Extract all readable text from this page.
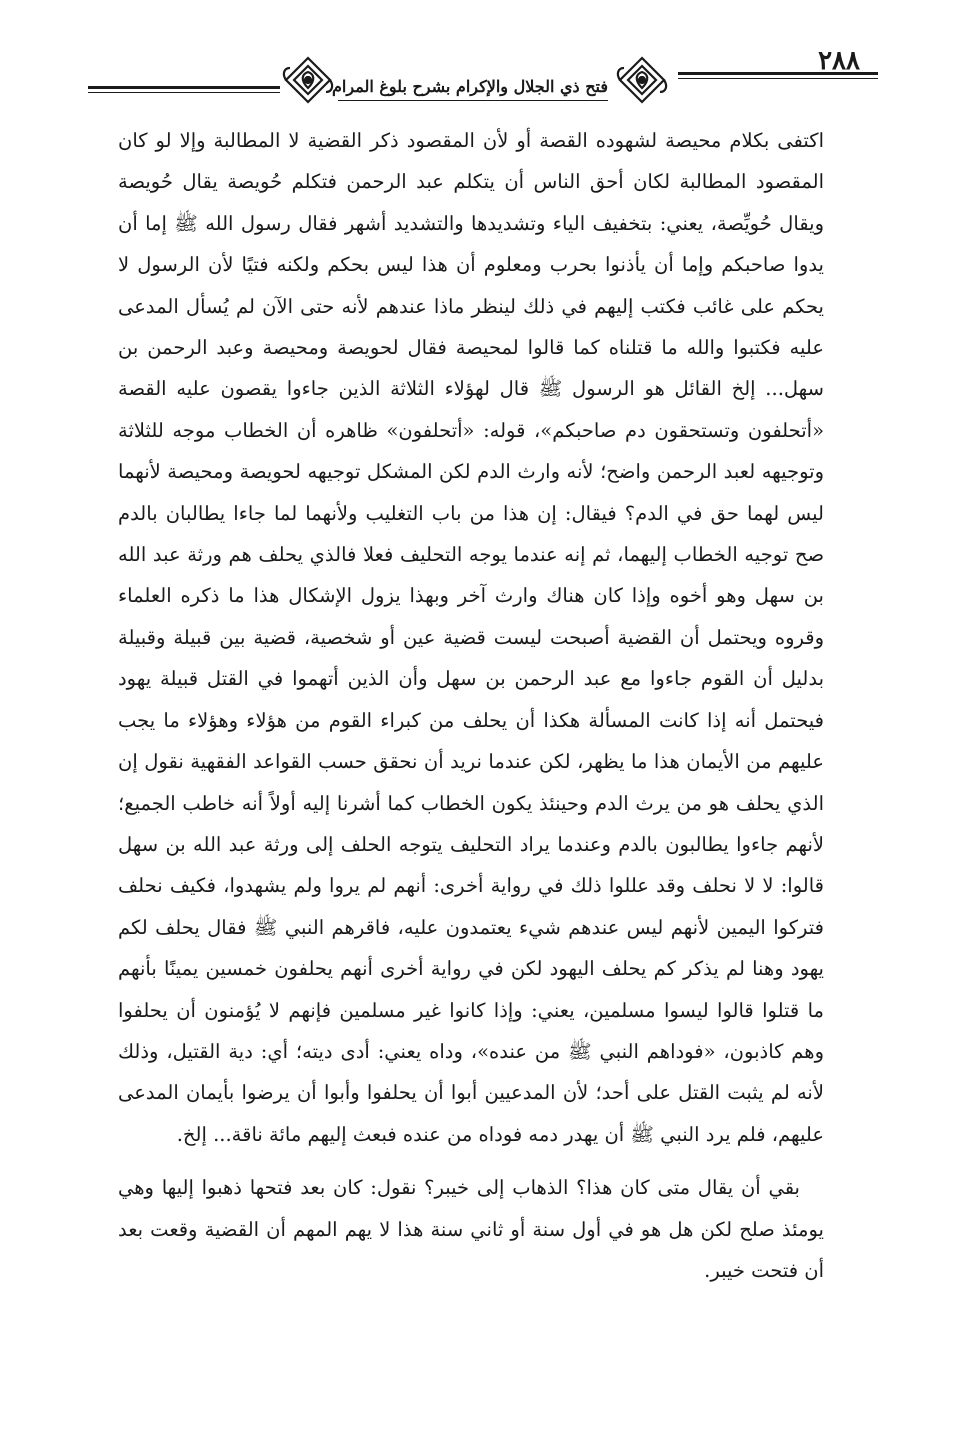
فتح ذي الجلال والإكرام بشرح بلوغ المرام
٢٨٨

اكتفى بكلام محيصة لشهوده القصة أو لأن المقصود ذكر القضية لا المطالبة وإلا لو كان المقصود المطالبة لكان أحق الناس أن يتكلم عبد الرحمن فتكلم حُويصة يقال حُويصة ويقال حُويِّصة، يعني: بتخفيف الياء وتشديدها والتشديد أشهر فقال رسول الله ﷺ إما أن يدوا صاحبكم وإما أن يأذنوا بحرب ومعلوم أن هذا ليس بحكم ولكنه فتيًا لأن الرسول لا يحكم على غائب فكتب إليهم في ذلك لينظر ماذا عندهم لأنه حتى الآن لم يُسأل المدعى عليه فكتبوا والله ما قتلناه كما قالوا لمحيصة فقال لحويصة ومحيصة وعبد الرحمن بن سهل... إلخ القائل هو الرسول ﷺ قال لهؤلاء الثلاثة الذين جاءوا يقصون عليه القصة «أتحلفون وتستحقون دم صاحبكم»، قوله: «أتحلفون» ظاهره أن الخطاب موجه للثلاثة وتوجيهه لعبد الرحمن واضح؛ لأنه وارث الدم لكن المشكل توجيهه لحويصة ومحيصة لأنهما ليس لهما حق في الدم؟ فيقال: إن هذا من باب التغليب ولأنهما لما جاءا يطالبان بالدم صح توجيه الخطاب إليهما، ثم إنه عندما يوجه التحليف فعلا فالذي يحلف هم ورثة عبد الله بن سهل وهو أخوه وإذا كان هناك وارث آخر وبهذا يزول الإشكال هذا ما ذكره العلماء وقروه ويحتمل أن القضية أصبحت ليست قضية عين أو شخصية، قضية بين قبيلة وقبيلة بدليل أن القوم جاءوا مع عبد الرحمن بن سهل وأن الذين أتهموا في القتل قبيلة يهود فيحتمل أنه إذا كانت المسألة هكذا أن يحلف من كبراء القوم من هؤلاء وهؤلاء ما يجب عليهم من الأيمان هذا ما يظهر، لكن عندما نريد أن نحقق حسب القواعد الفقهية نقول إن الذي يحلف هو من يرث الدم وحينئذ يكون الخطاب كما أشرنا إليه أولاً أنه خاطب الجميع؛ لأنهم جاءوا يطالبون بالدم وعندما يراد التحليف يتوجه الحلف إلى ورثة عبد الله بن سهل قالوا: لا لا نحلف وقد عللوا ذلك في رواية أخرى: أنهم لم يروا ولم يشهدوا، فكيف نحلف فتركوا اليمين لأنهم ليس عندهم شيء يعتمدون عليه، فاقرهم النبي ﷺ فقال يحلف لكم يهود وهنا لم يذكر كم يحلف اليهود لكن في رواية أخرى أنهم يحلفون خمسين يمينًا بأنهم ما قتلوا قالوا ليسوا مسلمين، يعني: وإذا كانوا غير مسلمين فإنهم لا يُؤمنون أن يحلفوا وهم كاذبون، «فوداهم النبي ﷺ من عنده»، وداه يعني: أدى ديته؛ أي: دية القتيل، وذلك لأنه لم يثبت القتل على أحد؛ لأن المدعيين أبوا أن يحلفوا وأبوا أن يرضوا بأيمان المدعى عليهم، فلم يرد النبي ﷺ أن يهدر دمه فوداه من عنده فبعث إليهم مائة ناقة... إلخ.

بقي أن يقال متى كان هذا؟ الذهاب إلى خيبر؟ نقول: كان بعد فتحها ذهبوا إليها وهي يومئذ صلح لكن هل هو في أول سنة أو ثاني سنة هذا لا يهم المهم أن القضية وقعت بعد أن فتحت خيبر.
